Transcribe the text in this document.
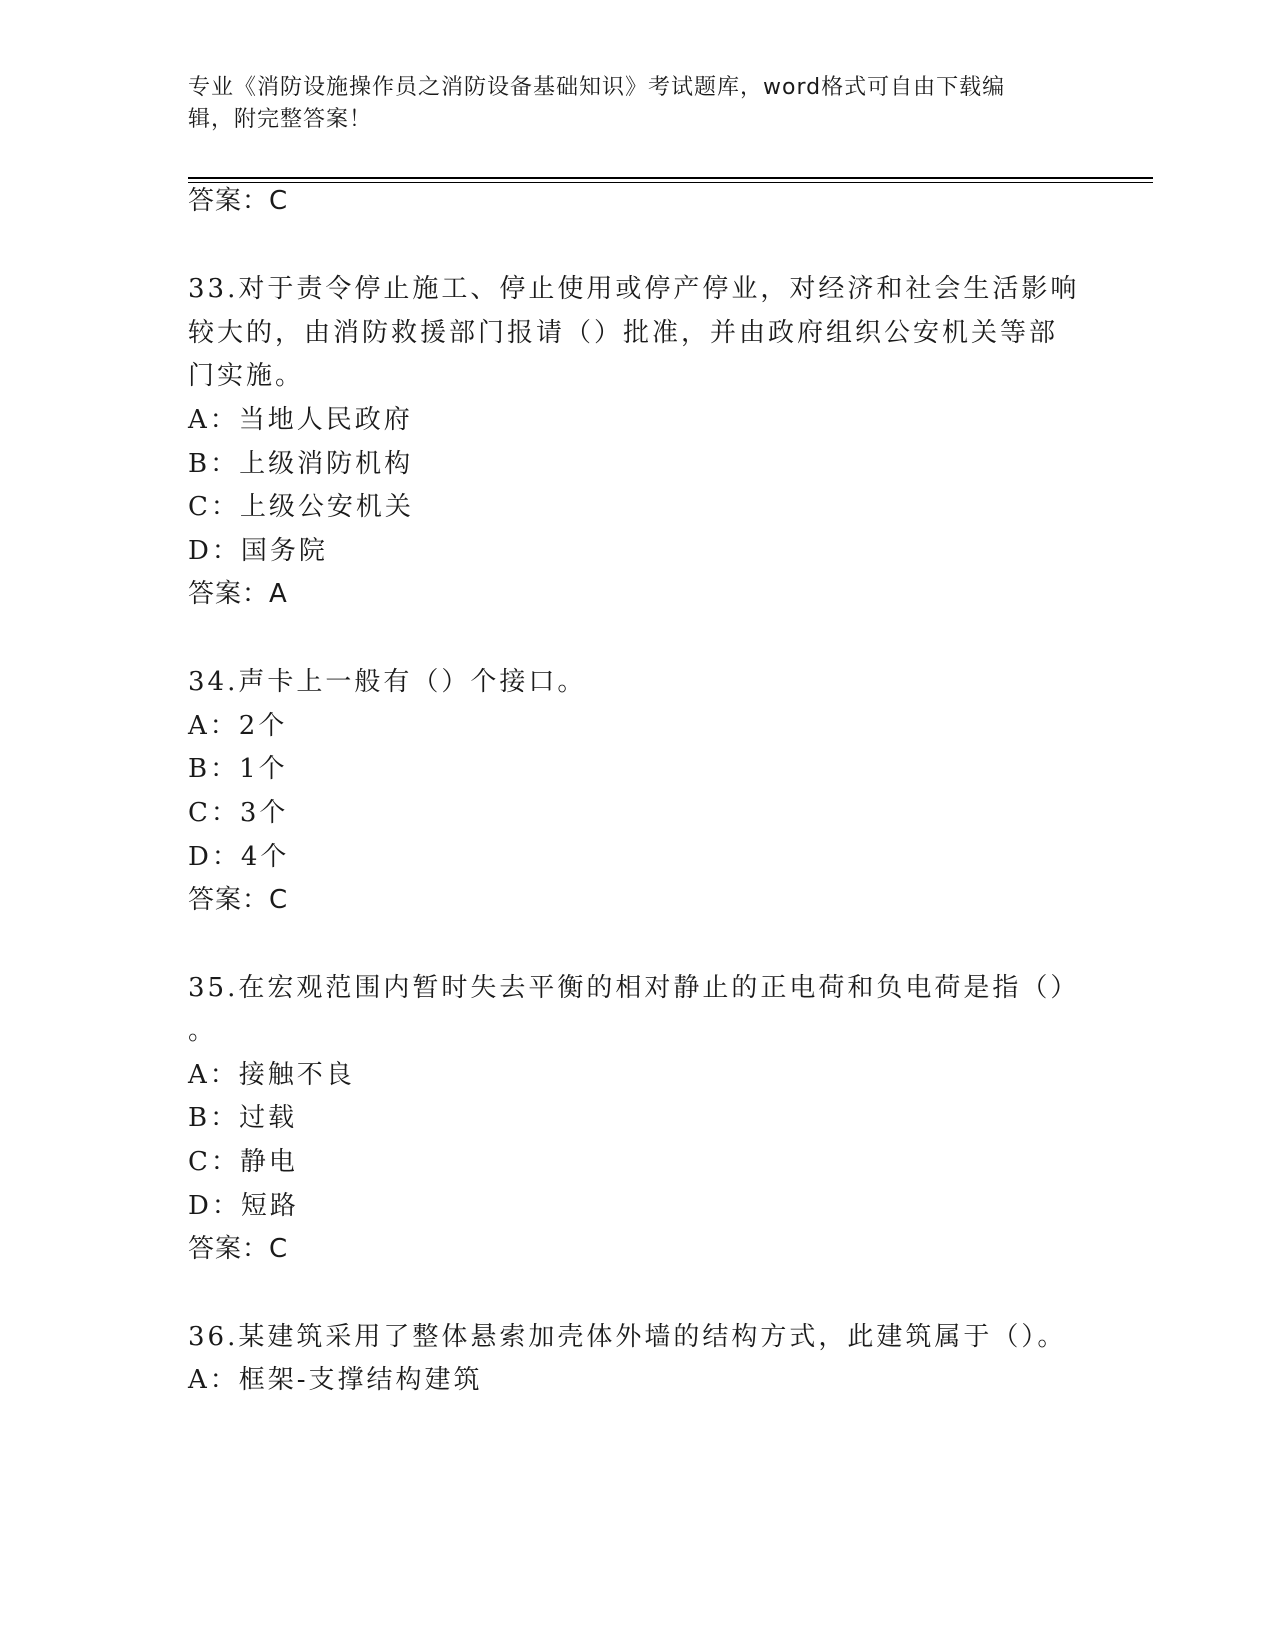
专业《消防设施操作员之消防设备基础知识》考试题库，word格式可自由下载编
辑，附完整答案！
答案：C
33.对于责令停止施工、停止使用或停产停业，对经济和社会生活影响
较大的，由消防救援部门报请（）批准，并由政府组织公安机关等部
门实施。
A：当地人民政府
B：上级消防机构
C：上级公安机关
D：国务院
答案：A
34.声卡上一般有（）个接口。
A：2个
B：1个
C：3个
D：4个
答案：C
35.在宏观范围内暂时失去平衡的相对静止的正电荷和负电荷是指（）
。
A：接触不良
B：过载
C：静电
D：短路
答案：C
36.某建筑采用了整体悬索加壳体外墙的结构方式，此建筑属于（）。
A：框架-支撑结构建筑
